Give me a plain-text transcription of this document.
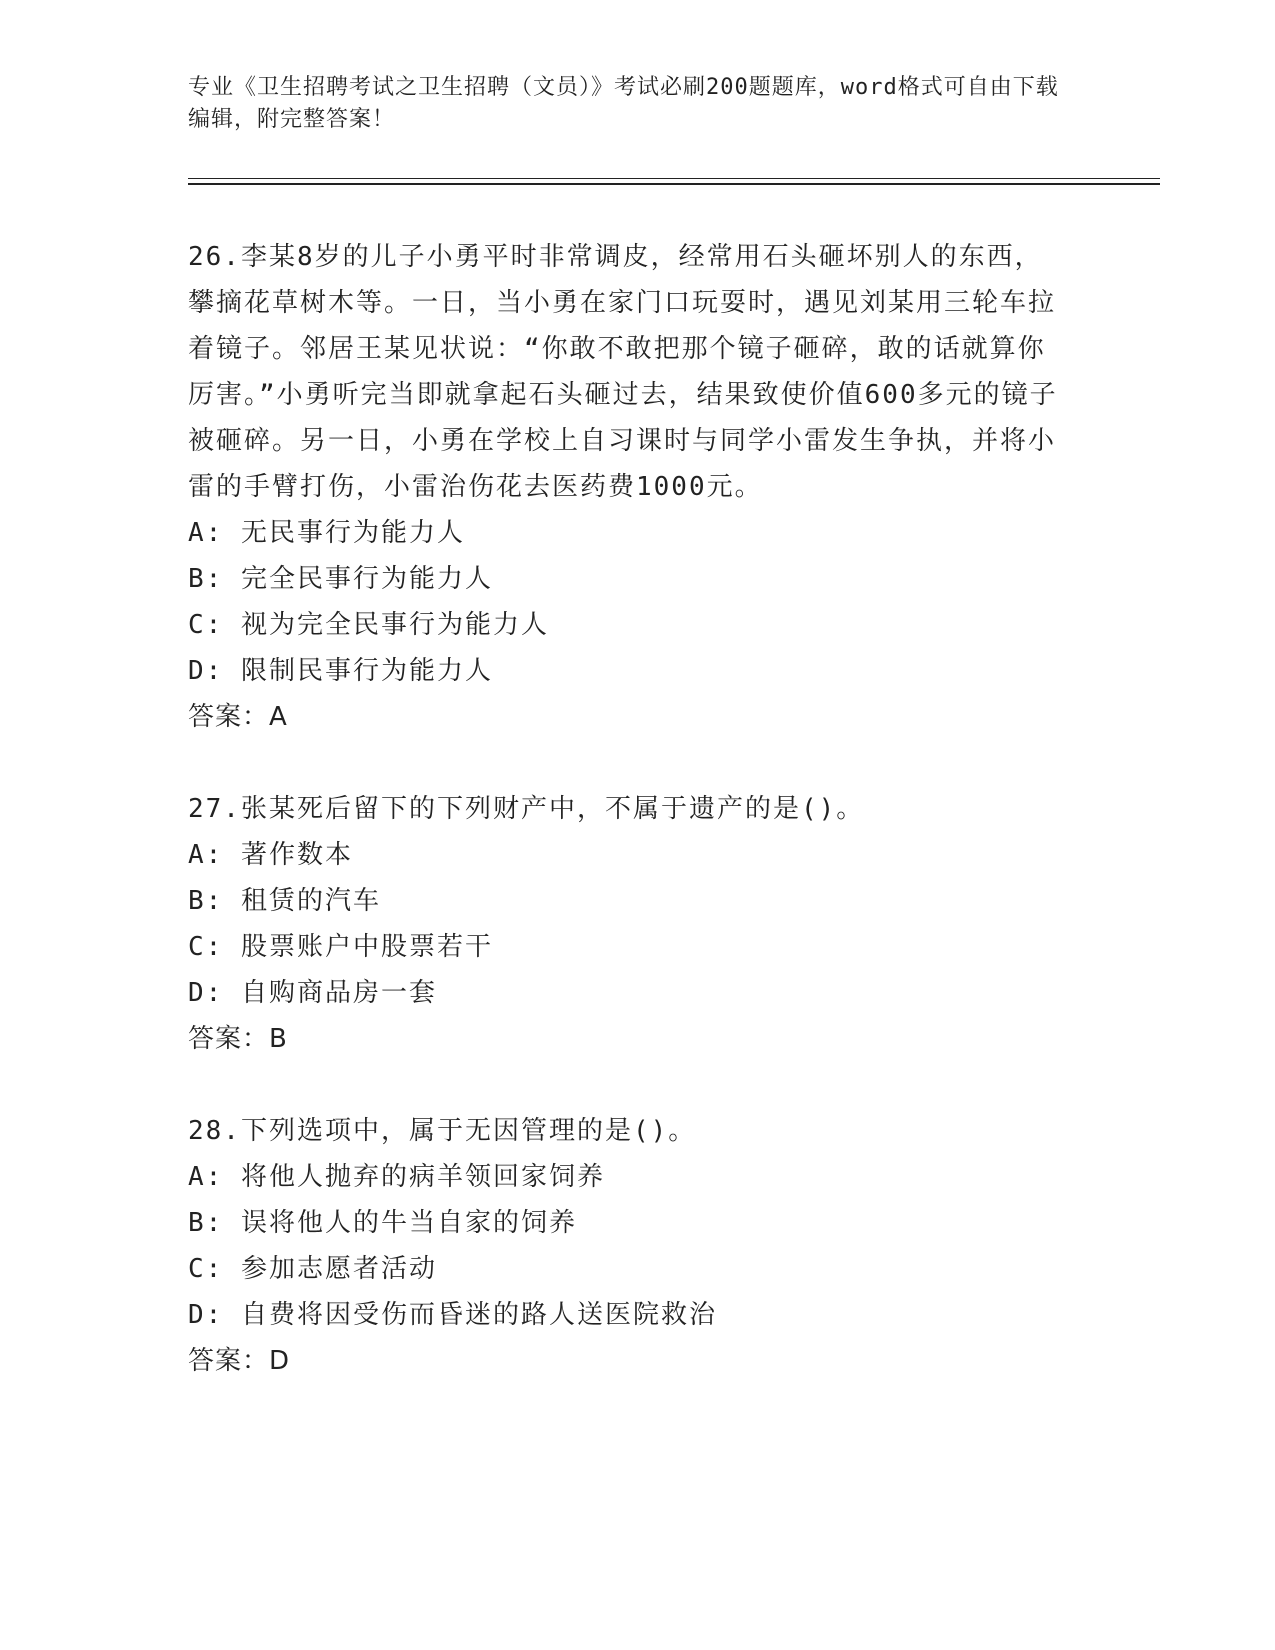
专业《卫生招聘考试之卫生招聘（文员）》考试必刷200题题库，word格式可自由下载编辑，附完整答案！

26.李某8岁的儿子小勇平时非常调皮，经常用石头砸坏别人的东西，攀摘花草树木等。一日，当小勇在家门口玩耍时，遇见刘某用三轮车拉着镜子。邻居王某见状说：“你敢不敢把那个镜子砸碎，敢的话就算你厉害。”小勇听完当即就拿起石头砸过去，结果致使价值600多元的镜子被砸碎。另一日，小勇在学校上自习课时与同学小雷发生争执，并将小雷的手臂打伤，小雷治伤花去医药费1000元。

A: 无民事行为能力人

B: 完全民事行为能力人

C: 视为完全民事行为能力人

D: 限制民事行为能力人

答案：A

27.张某死后留下的下列财产中，不属于遗产的是()。

A: 著作数本

B: 租赁的汽车

C: 股票账户中股票若干

D: 自购商品房一套

答案：B

28.下列选项中，属于无因管理的是()。

A: 将他人抛弃的病羊领回家饲养

B: 误将他人的牛当自家的饲养

C: 参加志愿者活动

D: 自费将因受伤而昏迷的路人送医院救治

答案：D
